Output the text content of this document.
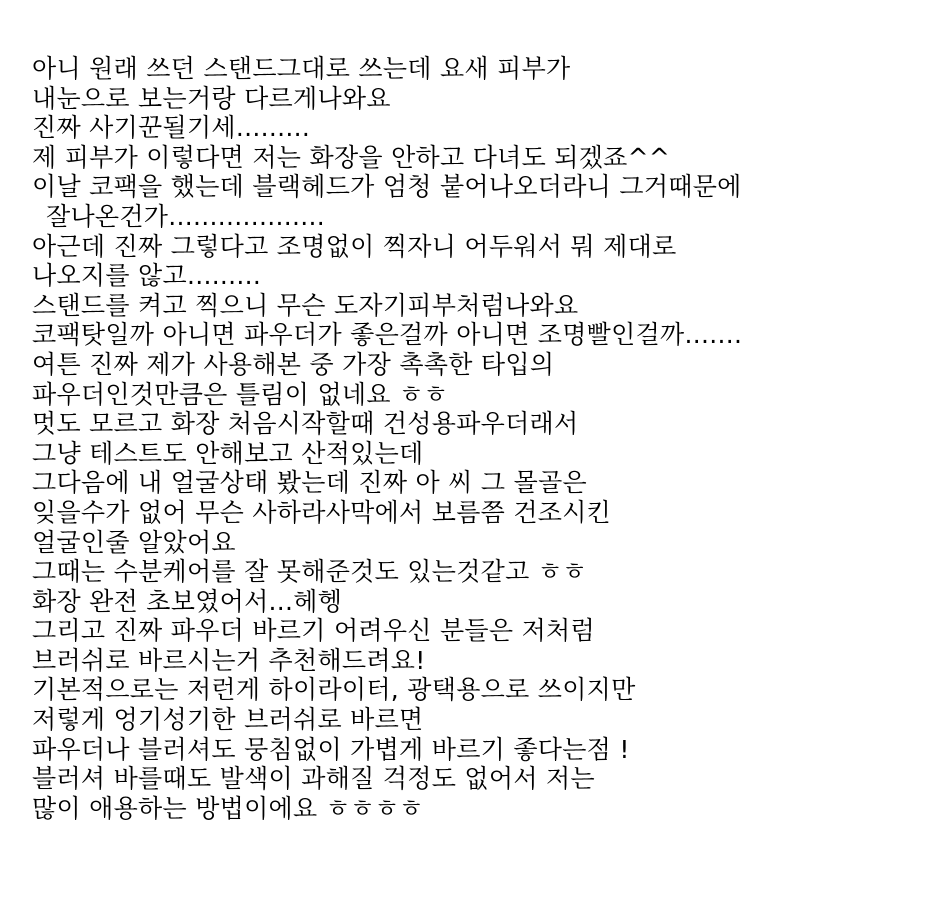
아니 원래 쓰던 스탠드그대로 쓰는데 요새 피부가
내눈으로 보는거랑 다르게나와요
진짜 사기꾼될기세.........
제 피부가 이렇다면 저는 화장을 안하고 다녀도 되겠죠^^
이날 코팩을 했는데 블랙헤드가 엄청 붙어나오더라니 그거때문에
잘나온건가...................
아근데 진짜 그렇다고 조명없이 찍자니 어두워서 뭐 제대로
나오지를 않고.........
스탠드를 켜고 찍으니 무슨 도자기피부처럼나와요
코팩탓일까 아니면 파우더가 좋은걸까 아니면 조명빨인걸까.......
여튼 진짜 제가 사용해본 중 가장 촉촉한 타입의
파우더인것만큼은 틀림이 없네요 ㅎㅎ
멋도 모르고 화장 처음시작할때 건성용파우더래서
그냥 테스트도 안해보고 산적있는데
그다음에 내 얼굴상태 봤는데 진짜 아 씨 그 몰골은
잊을수가 없어 무슨 사하라사막에서 보름쯤 건조시킨
얼굴인줄 알았어요
그때는 수분케어를 잘 못해준것도 있는것같고 ㅎㅎ
화장 완전 초보였어서...헤헹
그리고 진짜 파우더 바르기 어려우신 분들은 저처럼
브러쉬로 바르시는거 추천해드려요!
기본적으로는 저런게 하이라이터, 광택용으로 쓰이지만
저렇게 엉기성기한 브러쉬로 바르면
파우더나 블러셔도 뭉침없이 가볍게 바르기 좋다는점 !
블러셔 바를때도 발색이 과해질 걱정도 없어서 저는
많이 애용하는 방법이에요 ㅎㅎㅎㅎ
